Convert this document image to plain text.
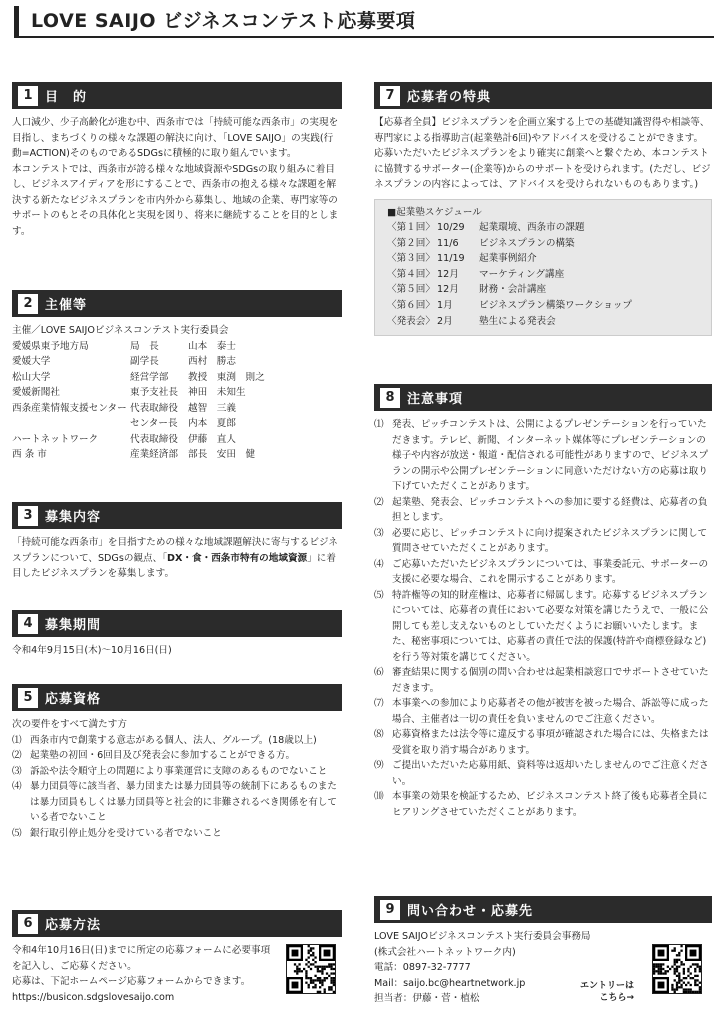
LOVE SAIJO ビジネスコンテスト応募要項
1 目　的

人口減少、少子高齢化が進む中、西条市では「持続可能な西条市」の実現を目指し、まちづくりの様々な課題の解決に向け、「LOVE SAIJO」の実践(行動=ACTION)そのものであるSDGsに積極的に取り組んでいます。

本コンテストでは、西条市が誇る様々な地域資源やSDGsの取り組みに着目し、ビジネスアイディアを形にすることで、西条市の抱える様々な課題を解決する新たなビジネスプランを市内外から募集し、地域の企業、専門家等のサポートのもとその具体化と実現を図り、将来に継続することを目的とします。

2 主催等

主催／LOVE SAIJOビジネスコンテスト実行委員会

愛媛県東予地方局	局　長	山本　泰士
愛媛大学	副学長	西村　勝志
松山大学	経営学部	教授　東渕　則之
愛媛新聞社	東予支社長	神田　未知生
西条産業情報支援センター 代表取締役	越智　三義
センター長	内本　夏郎
ハートネットワーク	代表取締役	伊藤　直人
西 条 市	産業経済部	部長　安田　健
3 募集内容

「持続可能な西条市」を目指すための様々な地域課題解決に寄与するビジネスプランについて、SDGsの観点、「DX・食・西条市特有の地域資源」に着目したビジネスプランを募集します。

4 募集期間

令和4年9月15日(木)～10月16日(日)

5 応募資格

次の要件をすべて満たす方

⑴ 西条市内で創業する意志がある個人、法人、グループ。(18歳以上)
⑵ 起業塾の初回・6回目及び発表会に参加することができる方。
⑶ 訴訟や法令順守上の問題により事業運営に支障のあるものでないこと
⑷ 暴力団員等に該当者、暴力団または暴力団員等の統制下にあるものまたは暴力団員もしくは暴力団員等と社会的に非難されるべき関係を有している者でないこと
⑸ 銀行取引停止処分を受けている者でないこと
6 応募方法

令和4年10月16日(日)までに所定の応募フォームに必要事項を記入し、ご応募ください。

応募は、下記ホームページ応募フォームからできます。

https://busicon.sdgslovesaijo.com

7 応募者の特典

【応募者全員】ビジネスプランを企画立案する上での基礎知識習得や相談等、専門家による指導助言(起業塾計6回)やアドバイスを受けることができます。応募いただいたビジネスプランをより確実に創業へと繋ぐため、本コンテストに協賛するサポーター(企業等)からのサポートを受けられます。(ただし、ビジネスプランの内容によっては、アドバイスを受けられないものもあります。)

■起業塾スケジュール
〈第１回〉 10/29	起業環境、西条市の課題
〈第２回〉 11/6	ビジネスプランの構築
〈第３回〉 11/19	起業事例紹介
〈第４回〉 12月	マーケティング講座
〈第５回〉 12月	財務・会計講座
〈第６回〉 1月	ビジネスプラン構築ワークショップ
〈発表会〉 2月	塾生による発表会
8 注意事項
⑴ 発表、ピッチコンテストは、公開によるプレゼンテーションを行っていただきます。テレビ、新聞、インターネット媒体等にプレゼンテーションの様子や内容が放送・報道・配信される可能性がありますので、ビジネスプランの開示や公開プレゼンテーションに同意いただけない方の応募は取り下げていただくことがあります。
⑵ 起業塾、発表会、ピッチコンテストへの参加に要する経費は、応募者の負担とします。
⑶ 必要に応じ、ピッチコンテストに向け提案されたビジネスプランに関して質問させていただくことがあります。
⑷ ご応募いただいたビジネスプランについては、事業委託元、サポーターの支援に必要な場合、これを開示することがあります。
⑸ 特許権等の知的財産権は、応募者に帰属します。応募するビジネスプランについては、応募者の責任において必要な対策を講じたうえで、一般に公開しても差し支えないものとしていただくようにお願いいたします。また、秘密事項については、応募者の責任で法的保護(特許や商標登録など)を行う等対策を講じてください。
⑹ 審査結果に関する個別の問い合わせは起業相談窓口でサポートさせていただきます。
⑺ 本事業への参加により応募者その他が被害を被った場合、訴訟等に成った場合、主催者は一切の責任を負いませんのでご注意ください。
⑻ 応募資格または法令等に違反する事項が確認された場合には、失格または受賞を取り消す場合があります。
⑼ ご提出いただいた応募用紙、資料等は返却いたしませんのでご注意ください。
⑽ 本事業の効果を検証するため、ビジネスコンテスト終了後も応募者全員にヒアリングさせていただくことがあります。
9 問い合わせ・応募先

LOVE SAIJOビジネスコンテスト実行委員会事務局

(株式会社ハートネットワーク内)

電話：0897-32-7777

Mail：saijo.bc@heartnetwork.jp

担当者：伊藤・菅・植松

エントリーは
こちら→
